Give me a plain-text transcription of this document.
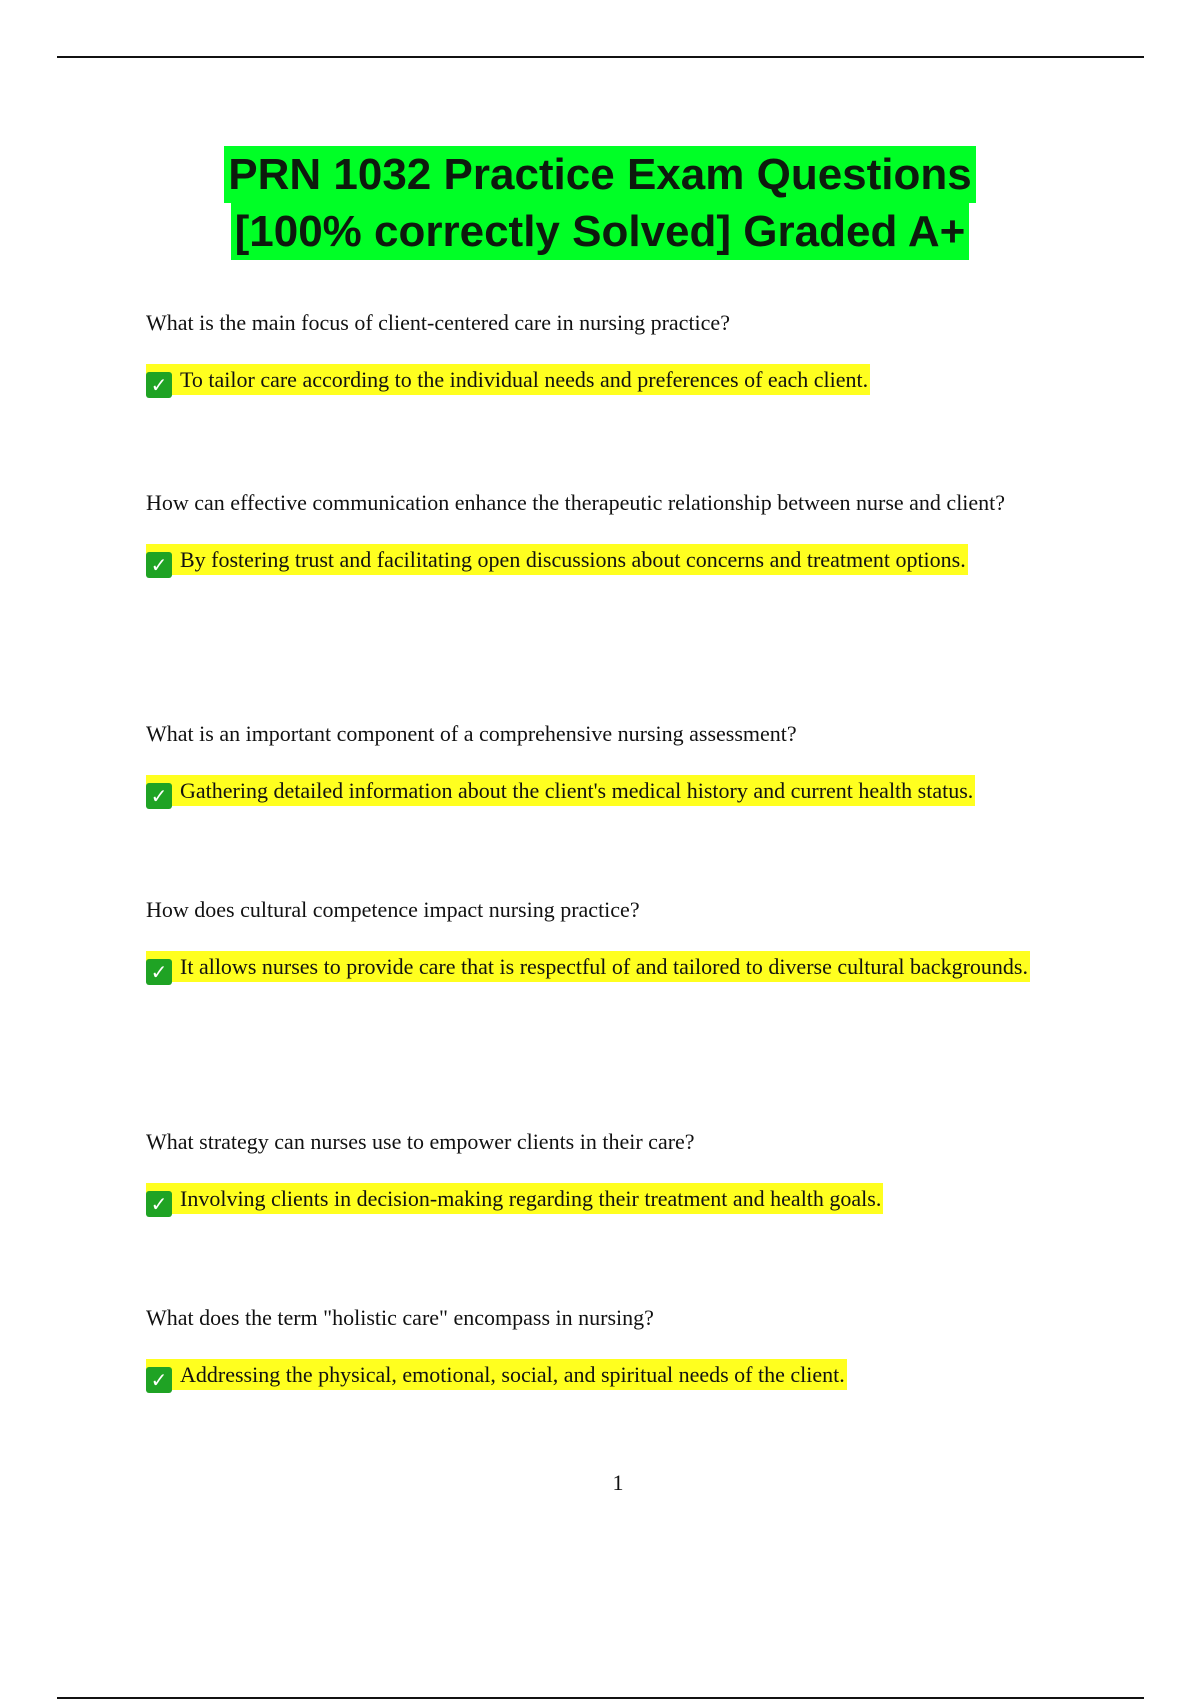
PRN 1032 Practice Exam Questions
[100% correctly Solved] Graded A+

What is the main focus of client-centered care in nursing practice?

✓ To tailor care according to the individual needs and preferences of each client.

How can effective communication enhance the therapeutic relationship between nurse and client?

✓ By fostering trust and facilitating open discussions about concerns and treatment options.

What is an important component of a comprehensive nursing assessment?

✓ Gathering detailed information about the client's medical history and current health status.

How does cultural competence impact nursing practice?

✓ It allows nurses to provide care that is respectful of and tailored to diverse cultural backgrounds.

What strategy can nurses use to empower clients in their care?

✓ Involving clients in decision-making regarding their treatment and health goals.

What does the term "holistic care" encompass in nursing?

✓ Addressing the physical, emotional, social, and spiritual needs of the client.

1
